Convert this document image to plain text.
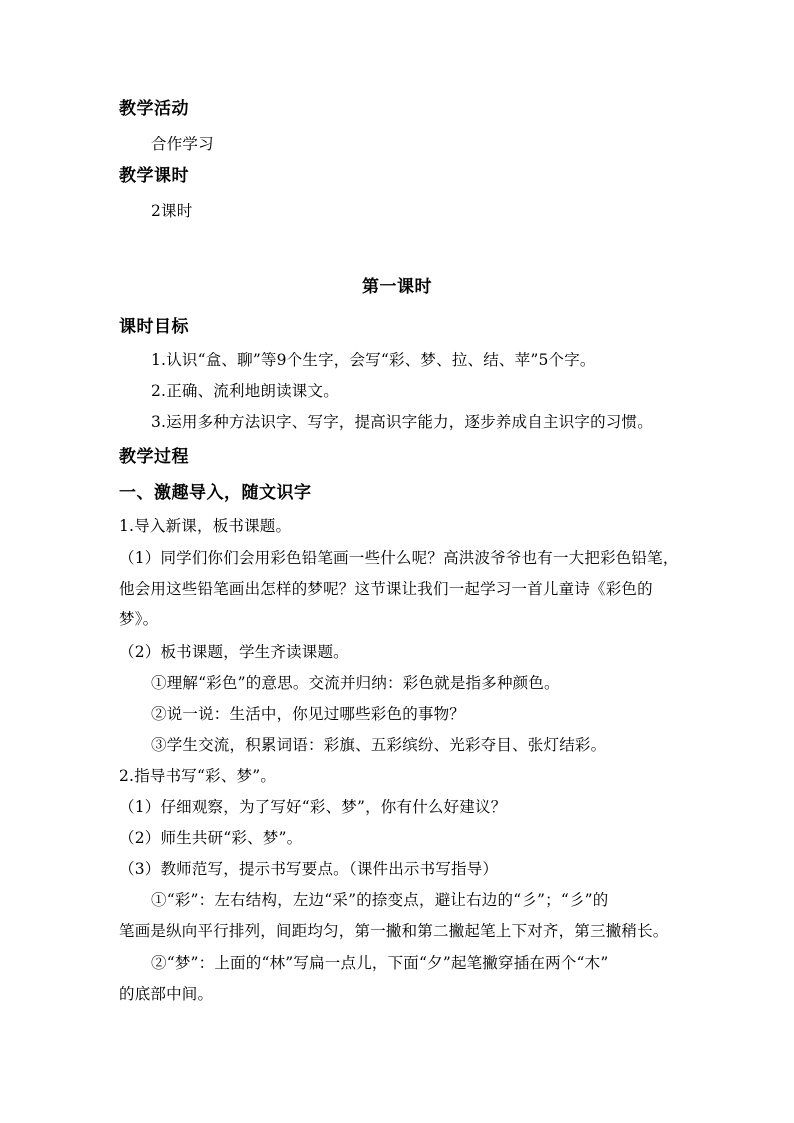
教学活动
合作学习
教学课时
2课时
第一课时
课时目标
1.认识“盒、聊”等9个生字，会写“彩、梦、拉、结、苹”5个字。
2.正确、流利地朗读课文。
3.运用多种方法识字、写字，提高识字能力，逐步养成自主识字的习惯。
教学过程
一、激趣导入，随文识字
1.导入新课，板书课题。
（1）同学们你们会用彩色铅笔画一些什么呢？高洪波爷爷也有一大把彩色铅笔，
他会用这些铅笔画出怎样的梦呢？这节课让我们一起学习一首儿童诗《彩色的
梦》。
（2）板书课题，学生齐读课题。
①理解“彩色”的意思。交流并归纳：彩色就是指多种颜色。
②说一说：生活中，你见过哪些彩色的事物？
③学生交流，积累词语：彩旗、五彩缤纷、光彩夺目、张灯结彩。
2.指导书写“彩、梦”。
（1）仔细观察，为了写好“彩、梦”，你有什么好建议？
（2）师生共研“彩、梦”。
（3）教师范写，提示书写要点。（课件出示书写指导）
①“彩”：左右结构，左边“采”的捺变点，避让右边的“彡”；“彡”的
笔画是纵向平行排列，间距均匀，第一撇和第二撇起笔上下对齐，第三撇稍长。
②“梦”：上面的“林”写扁一点儿，下面“夕”起笔撇穿插在两个“木”
的底部中间。
